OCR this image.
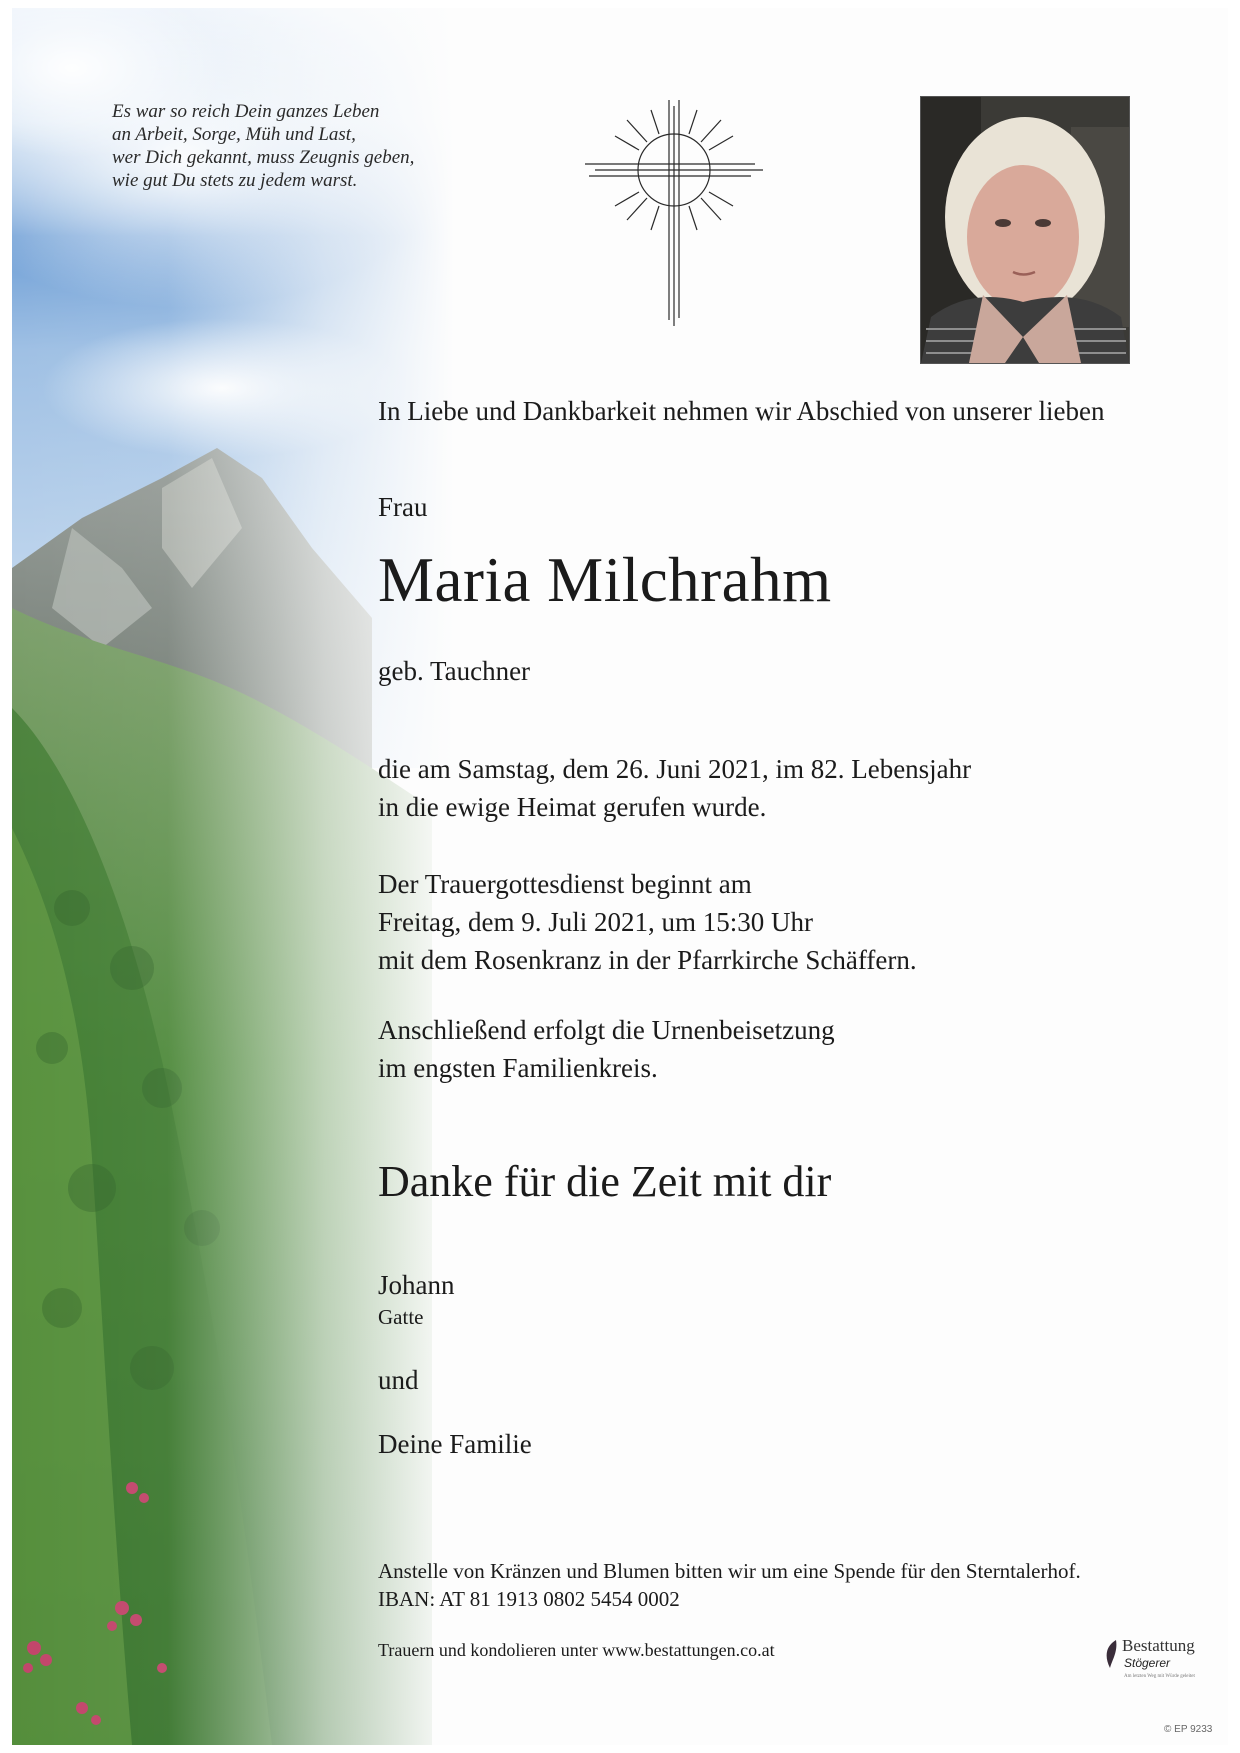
Es war so reich Dein ganzes Leben
an Arbeit, Sorge, Müh und Last,
wer Dich gekannt, muss Zeugnis geben,
wie gut Du stets zu jedem warst.
In Liebe und Dankbarkeit nehmen wir Abschied von unserer lieben
Frau
Maria Milchrahm
geb. Tauchner
die am Samstag, dem 26. Juni 2021, im 82. Lebensjahr
in die ewige Heimat gerufen wurde.
Der Trauergottesdienst beginnt am
Freitag, dem 9. Juli 2021, um 15:30 Uhr
mit dem Rosenkranz in der Pfarrkirche Schäffern.
Anschließend erfolgt die Urnenbeisetzung
im engsten Familienkreis.
Danke für die Zeit mit dir
Johann
Gatte
und
Deine Familie
Anstelle von Kränzen und Blumen bitten wir um eine Spende für den Sterntalerhof.
IBAN: AT 81 1913 0802 5454 0002
Trauern und kondolieren unter www.bestattungen.co.at	Bestattung
Stögerer
Am letzten Weg mit Würde geleitet
© EP 9233
